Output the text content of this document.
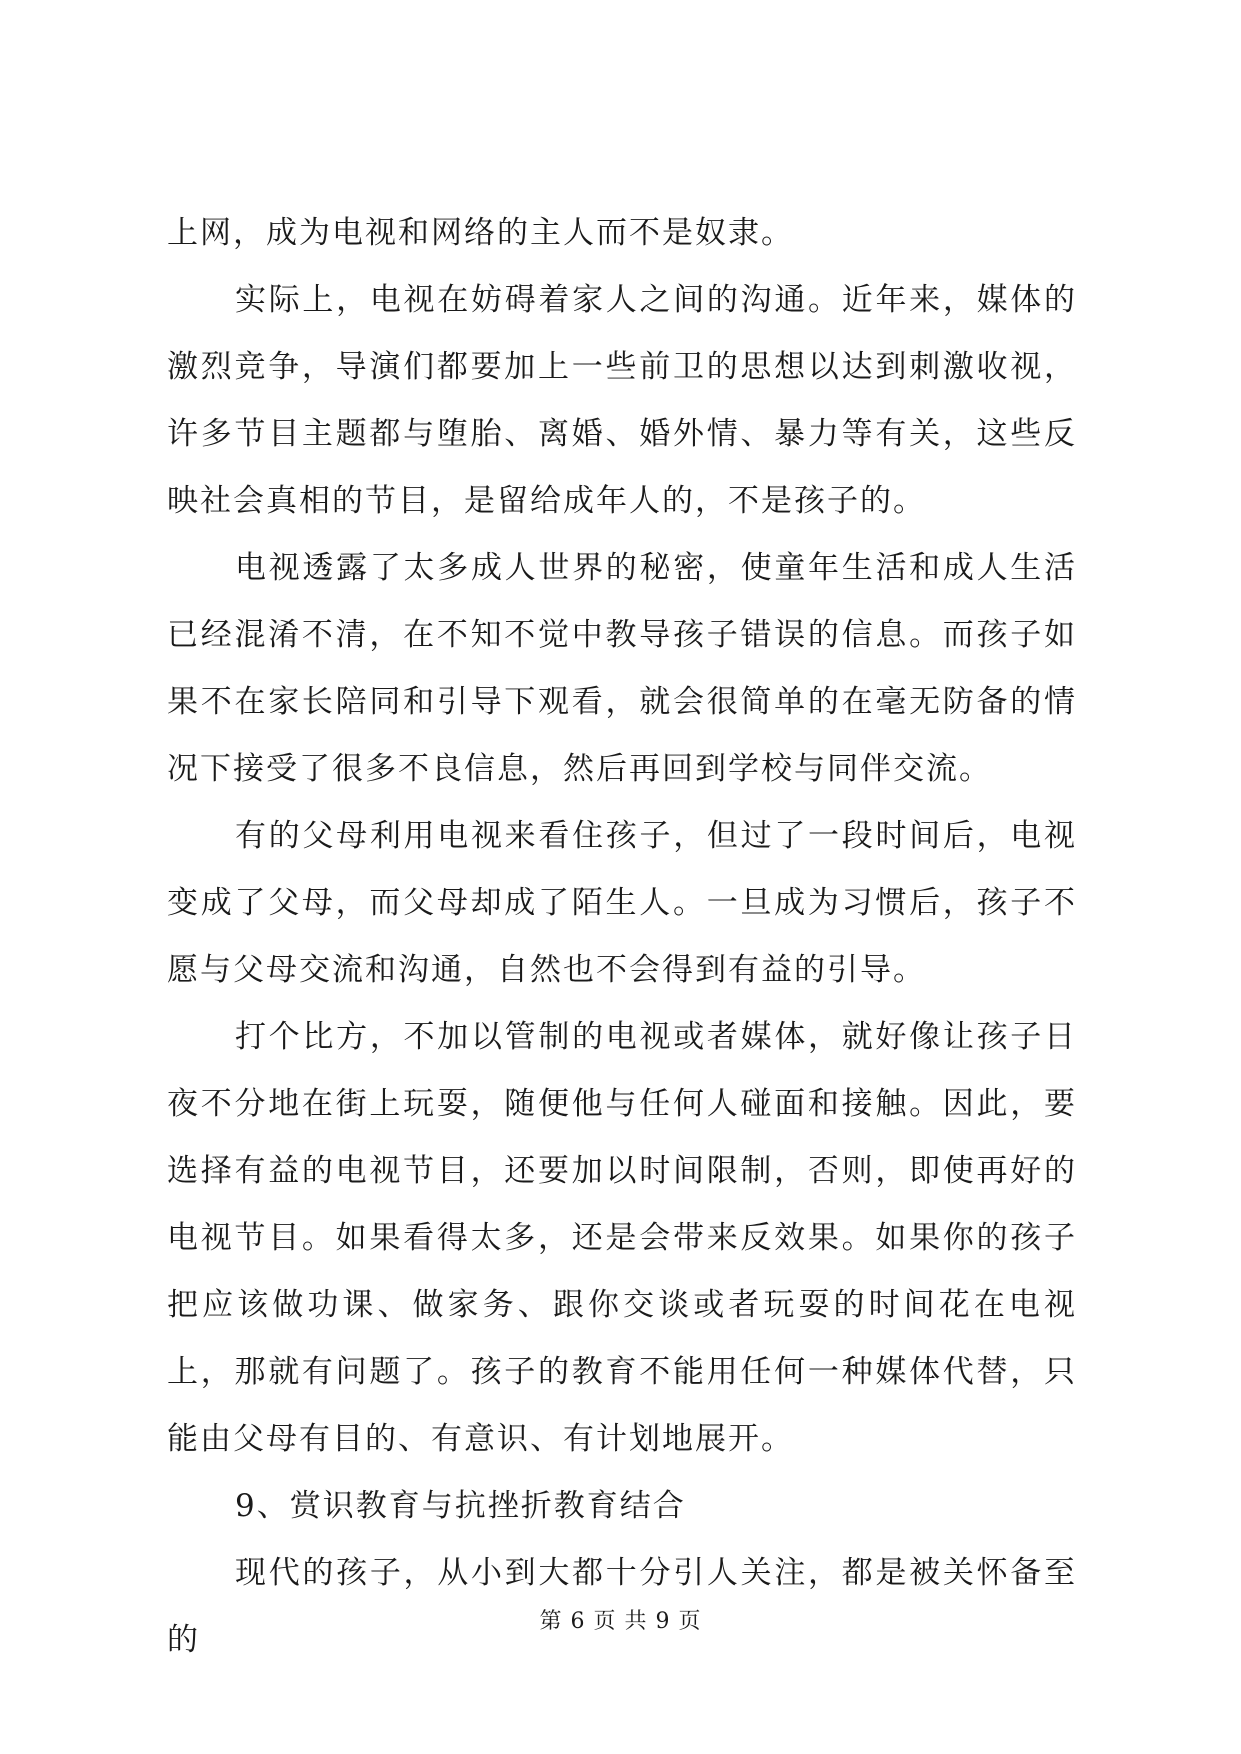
上网，成为电视和网络的主人而不是奴隶。

实际上，电视在妨碍着家人之间的沟通。近年来，媒体的激烈竞争，导演们都要加上一些前卫的思想以达到刺激收视，许多节目主题都与堕胎、离婚、婚外情、暴力等有关，这些反映社会真相的节目，是留给成年人的，不是孩子的。

电视透露了太多成人世界的秘密，使童年生活和成人生活已经混淆不清，在不知不觉中教导孩子错误的信息。而孩子如果不在家长陪同和引导下观看，就会很简单的在毫无防备的情况下接受了很多不良信息，然后再回到学校与同伴交流。

有的父母利用电视来看住孩子，但过了一段时间后，电视变成了父母，而父母却成了陌生人。一旦成为习惯后，孩子不愿与父母交流和沟通，自然也不会得到有益的引导。

打个比方，不加以管制的电视或者媒体，就好像让孩子日夜不分地在街上玩耍，随便他与任何人碰面和接触。因此，要选择有益的电视节目，还要加以时间限制，否则，即使再好的电视节目。如果看得太多，还是会带来反效果。如果你的孩子把应该做功课、做家务、跟你交谈或者玩耍的时间花在电视上，那就有问题了。孩子的教育不能用任何一种媒体代替，只能由父母有目的、有意识、有计划地展开。

9、赏识教育与抗挫折教育结合

现代的孩子，从小到大都十分引人关注，都是被关怀备至的

第 6 页 共 9 页
